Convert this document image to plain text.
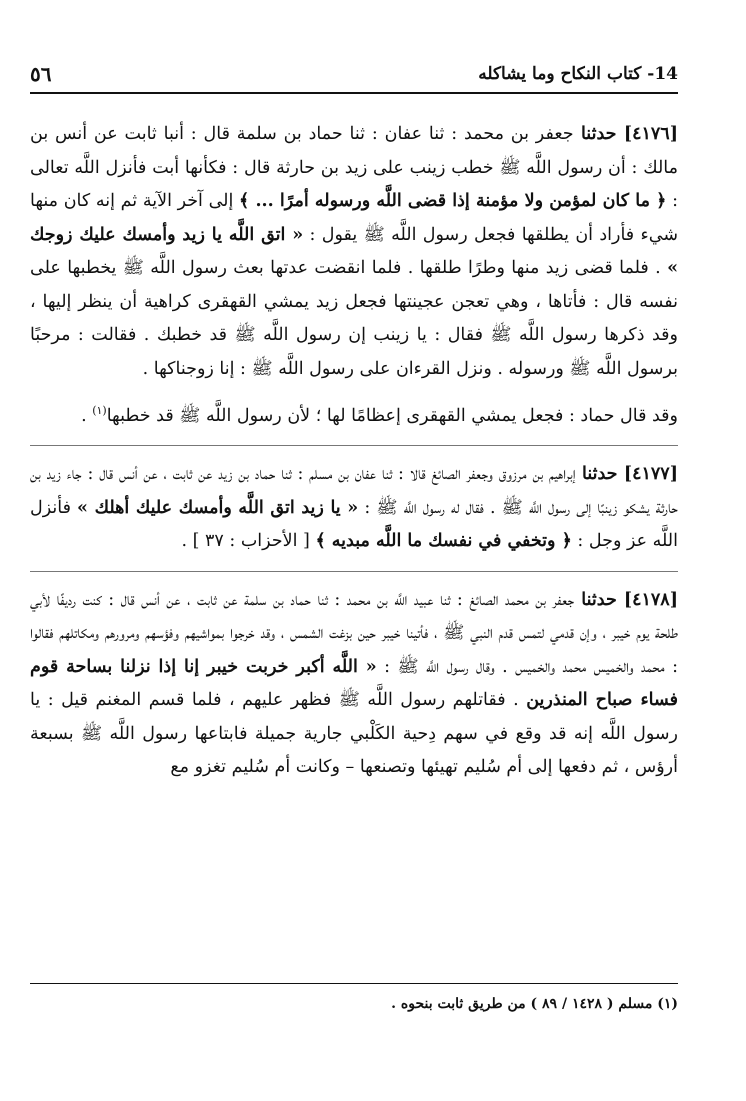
٥٦	14- كتاب النكاح وما يشاكله

[٤١٧٦] حدثنا جعفر بن محمد : ثنا عفان : ثنا حماد بن سلمة قال : أنبا ثابت عن أنس بن مالك : أن رسول اللَّه ﷺ خطب زينب على زيد بن حارثة قال : فكأنها أبت فأنزل اللَّه تعالى : ﴿ ما كان لمؤمن ولا مؤمنة إذا قضى اللَّه ورسوله أمرًا ... ﴾ إلى آخر الآية ثم إنه كان منها شيء فأراد أن يطلقها فجعل رسول اللَّه ﷺ يقول : « اتق اللَّه يا زيد وأمسك عليك زوجك » . فلما قضى زيد منها وطرًا طلقها . فلما انقضت عدتها بعث رسول اللَّه ﷺ يخطبها على نفسه قال : فأتاها ، وهي تعجن عجينتها فجعل زيد يمشي القهقرى كراهية أن ينظر إليها ، وقد ذكرها رسول اللَّه ﷺ فقال : يا زينب إن رسول اللَّه ﷺ قد خطبك . فقالت : مرحبًا برسول اللَّه ﷺ ورسوله . ونزل القرءان على رسول اللَّه ﷺ : إنا زوجناكها .

وقد قال حماد : فجعل يمشي القهقرى إعظامًا لها ؛ لأن رسول اللَّه ﷺ قد خطبها$^{(١)}$ .

[٤١٧٧] حدثنا إبراهيم بن مرزوق وجعفر الصائغ قالا : ثنا عفان بن مسلم : ثنا حماد بن زيد عن ثابت ، عن أنس قال : جاء زيد بن حارثة يشكو زينبًا إلى رسول اللَّه ﷺ . فقال له رسول اللَّه ﷺ : « يا زيد اتق اللَّه وأمسك عليك أهلك » فأنزل اللَّه عز وجل : ﴿ وتخفي في نفسك ما اللَّه مبديه ﴾ [ الأحزاب : ٣٧ ] .

[٤١٧٨] حدثنا جعفر بن محمد الصائغ : ثنا عبيد اللَّه بن محمد : ثنا حماد بن سلمة عن ثابت ، عن أنس قال : كنت رديفًا لأبي طلحة يوم خيبر ، وإن قدمي لتمس قدم النبي ﷺ ، فأتينا خيبر حين بزغت الشمس ، وقد خرجوا بمواشيهم وفؤسهم ومرورهم ومكاتلهم فقالوا : محمد والخميس محمد والخميس . وقال رسول اللَّه ﷺ : « اللَّه أكبر خربت خيبر إنا إذا نزلنا بساحة قوم فساء صباح المنذرين . فقاتلهم رسول اللَّه ﷺ فظهر عليهم ، فلما قسم المغنم قيل : يا رسول اللَّه إنه قد وقع في سهم دِحية الكَلْبي جارية جميلة فابتاعها رسول اللَّه ﷺ بسبعة أرؤس ، ثم دفعها إلى أم سُليم تهيئها وتصنعها – وكانت أم سُليم تغزو مع

(١) مسلم ( ١٤٢٨ / ٨٩ ) من طريق ثابت بنحوه .
